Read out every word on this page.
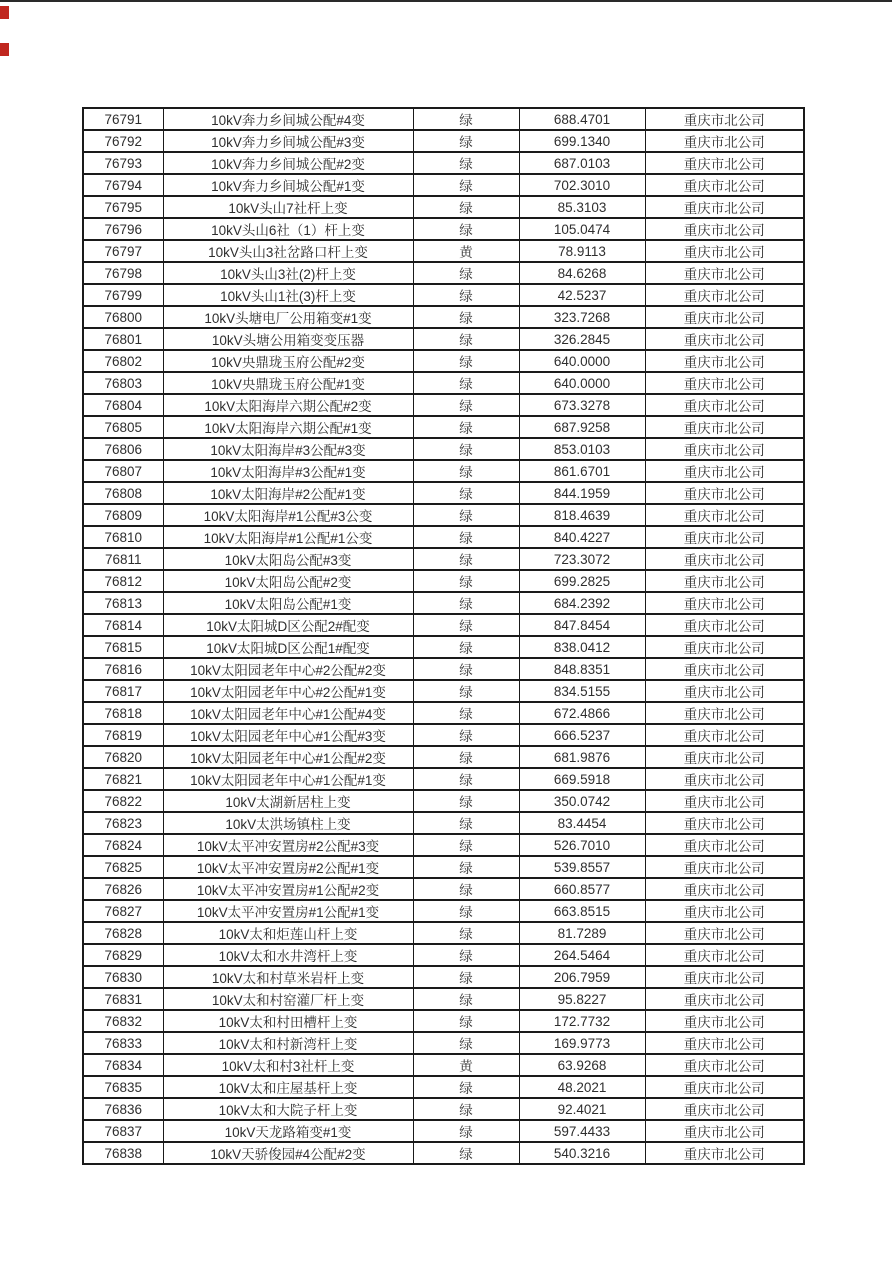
76791	10kV奔力乡间城公配#4变	绿	688.4701	重庆市北公司
76792	10kV奔力乡间城公配#3变	绿	699.1340	重庆市北公司
76793	10kV奔力乡间城公配#2变	绿	687.0103	重庆市北公司
76794	10kV奔力乡间城公配#1变	绿	702.3010	重庆市北公司
76795	10kV头山7社杆上变	绿	85.3103	重庆市北公司
76796	10kV头山6社（1）杆上变	绿	105.0474	重庆市北公司
76797	10kV头山3社岔路口杆上变	黄	78.9113	重庆市北公司
76798	10kV头山3社(2)杆上变	绿	84.6268	重庆市北公司
76799	10kV头山1社(3)杆上变	绿	42.5237	重庆市北公司
76800	10kV头塘电厂公用箱变#1变	绿	323.7268	重庆市北公司
76801	10kV头塘公用箱变变压器	绿	326.2845	重庆市北公司
76802	10kV央鼎珑玉府公配#2变	绿	640.0000	重庆市北公司
76803	10kV央鼎珑玉府公配#1变	绿	640.0000	重庆市北公司
76804	10kV太阳海岸六期公配#2变	绿	673.3278	重庆市北公司
76805	10kV太阳海岸六期公配#1变	绿	687.9258	重庆市北公司
76806	10kV太阳海岸#3公配#3变	绿	853.0103	重庆市北公司
76807	10kV太阳海岸#3公配#1变	绿	861.6701	重庆市北公司
76808	10kV太阳海岸#2公配#1变	绿	844.1959	重庆市北公司
76809	10kV太阳海岸#1公配#3公变	绿	818.4639	重庆市北公司
76810	10kV太阳海岸#1公配#1公变	绿	840.4227	重庆市北公司
76811	10kV太阳岛公配#3变	绿	723.3072	重庆市北公司
76812	10kV太阳岛公配#2变	绿	699.2825	重庆市北公司
76813	10kV太阳岛公配#1变	绿	684.2392	重庆市北公司
76814	10kV太阳城D区公配2#配变	绿	847.8454	重庆市北公司
76815	10kV太阳城D区公配1#配变	绿	838.0412	重庆市北公司
76816	10kV太阳园老年中心#2公配#2变	绿	848.8351	重庆市北公司
76817	10kV太阳园老年中心#2公配#1变	绿	834.5155	重庆市北公司
76818	10kV太阳园老年中心#1公配#4变	绿	672.4866	重庆市北公司
76819	10kV太阳园老年中心#1公配#3变	绿	666.5237	重庆市北公司
76820	10kV太阳园老年中心#1公配#2变	绿	681.9876	重庆市北公司
76821	10kV太阳园老年中心#1公配#1变	绿	669.5918	重庆市北公司
76822	10kV太湖新居柱上变	绿	350.0742	重庆市北公司
76823	10kV太洪场镇柱上变	绿	83.4454	重庆市北公司
76824	10kV太平冲安置房#2公配#3变	绿	526.7010	重庆市北公司
76825	10kV太平冲安置房#2公配#1变	绿	539.8557	重庆市北公司
76826	10kV太平冲安置房#1公配#2变	绿	660.8577	重庆市北公司
76827	10kV太平冲安置房#1公配#1变	绿	663.8515	重庆市北公司
76828	10kV太和炬莲山杆上变	绿	81.7289	重庆市北公司
76829	10kV太和水井湾杆上变	绿	264.5464	重庆市北公司
76830	10kV太和村草米岩杆上变	绿	206.7959	重庆市北公司
76831	10kV太和村窑灌厂杆上变	绿	95.8227	重庆市北公司
76832	10kV太和村田槽杆上变	绿	172.7732	重庆市北公司
76833	10kV太和村新湾杆上变	绿	169.9773	重庆市北公司
76834	10kV太和村3社杆上变	黄	63.9268	重庆市北公司
76835	10kV太和庄屋基杆上变	绿	48.2021	重庆市北公司
76836	10kV太和大院子杆上变	绿	92.4021	重庆市北公司
76837	10kV天龙路箱变#1变	绿	597.4433	重庆市北公司
76838	10kV天骄俊园#4公配#2变	绿	540.3216	重庆市北公司
